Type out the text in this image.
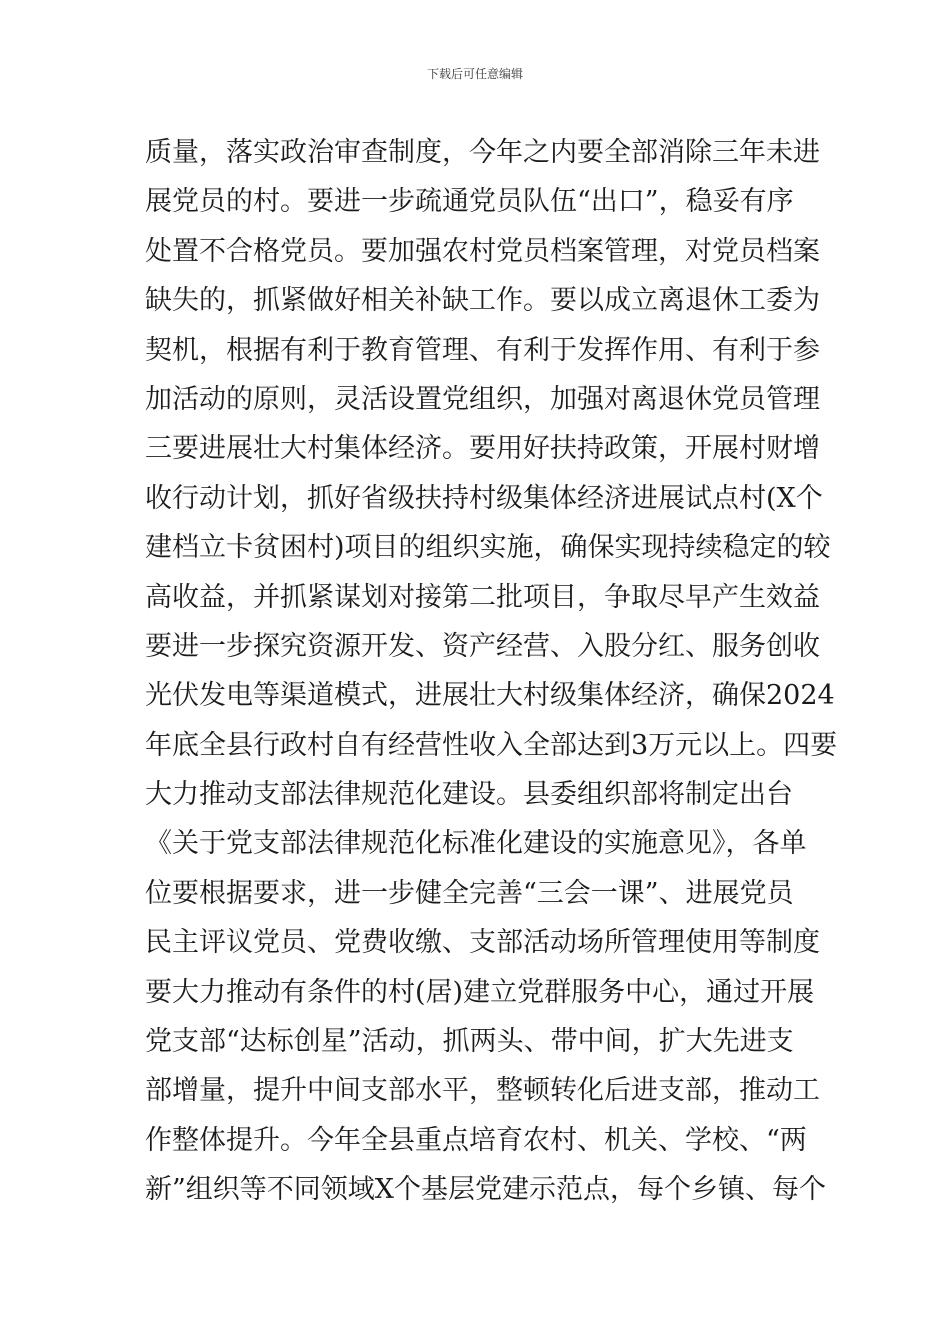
下载后可任意编辑
质量，落实政治审查制度，今年之内要全部消除三年未进
展党员的村。要进一步疏通党员队伍“出口”，稳妥有序
处置不合格党员。要加强农村党员档案管理，对党员档案
缺失的，抓紧做好相关补缺工作。要以成立离退休工委为
契机，根据有利于教育管理、有利于发挥作用、有利于参
加活动的原则，灵活设置党组织，加强对离退休党员管理
三要进展壮大村集体经济。要用好扶持政策，开展村财增
收行动计划，抓好省级扶持村级集体经济进展试点村(X个
建档立卡贫困村)项目的组织实施，确保实现持续稳定的较
高收益，并抓紧谋划对接第二批项目，争取尽早产生效益
要进一步探究资源开发、资产经营、入股分红、服务创收
光伏发电等渠道模式，进展壮大村级集体经济，确保2024
年底全县行政村自有经营性收入全部达到3万元以上。四要
大力推动支部法律规范化建设。县委组织部将制定出台
《关于党支部法律规范化标准化建设的实施意见》，各单
位要根据要求，进一步健全完善“三会一课”、进展党员
民主评议党员、党费收缴、支部活动场所管理使用等制度
要大力推动有条件的村(居)建立党群服务中心，通过开展
党支部“达标创星”活动，抓两头、带中间，扩大先进支
部增量，提升中间支部水平，整顿转化后进支部，推动工
作整体提升。今年全县重点培育农村、机关、学校、“两
新”组织等不同领域X个基层党建示范点，每个乡镇、每个
